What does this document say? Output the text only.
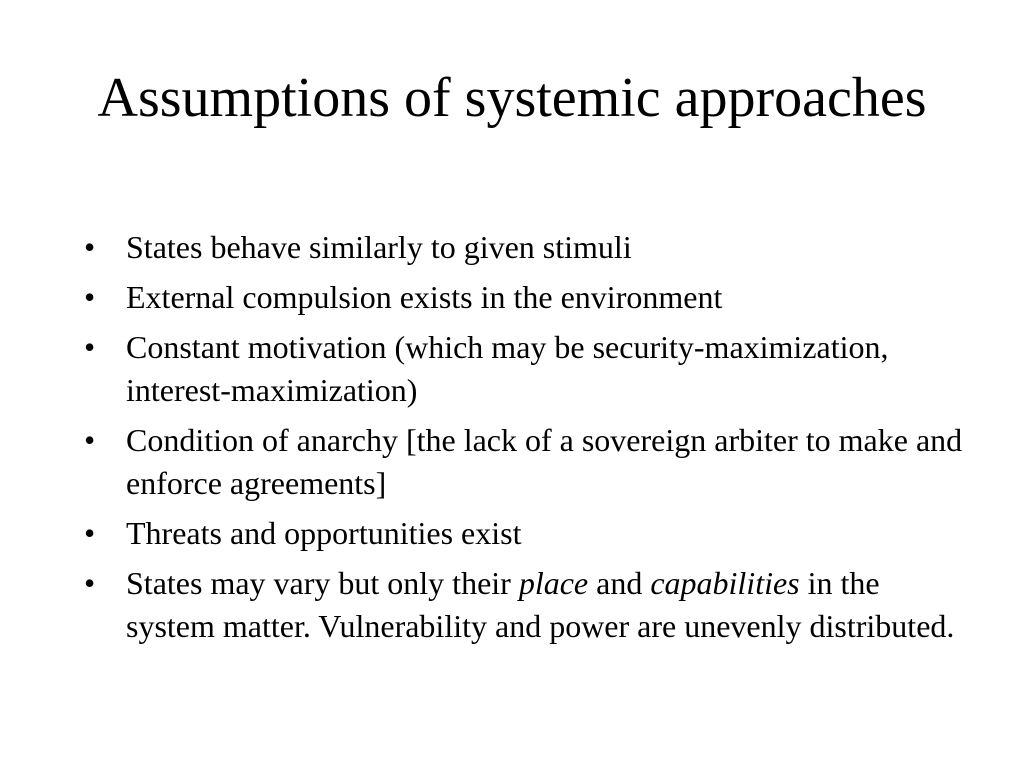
Assumptions of systemic approaches
• States behave similarly to given stimuli
• External compulsion exists in the environment
• Constant motivation (which may be security-maximization, interest-maximization)
• Condition of anarchy [the lack of a sovereign arbiter to make and enforce agreements]
• Threats and opportunities exist
• States may vary but only their place and capabilities in the system matter. Vulnerability and power are unevenly distributed.
